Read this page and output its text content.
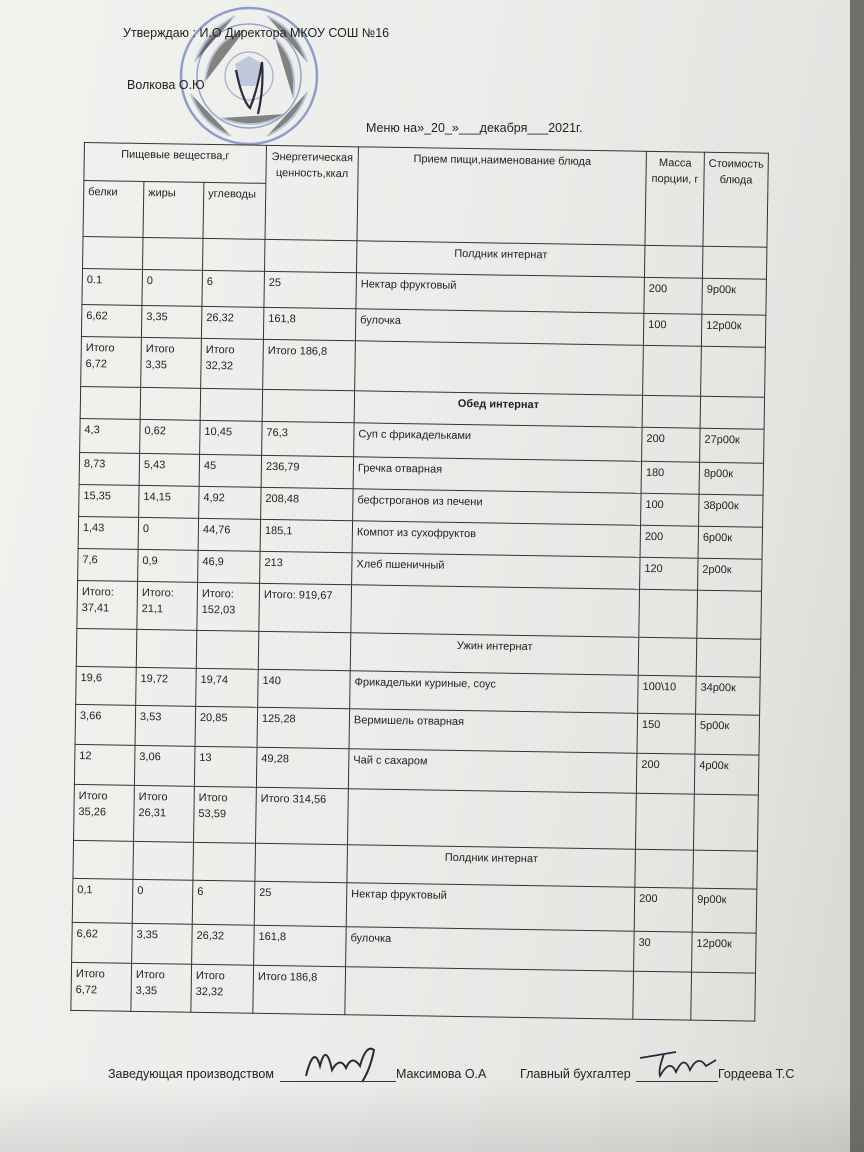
Утверждаю : И.О Директора МКОУ СОШ №16
Волкова О.Ю
Меню на»_20_»___декабря___2021г.
Пищевые вещества,г			Энергетическая ценность,ккал	Прием пищи,наименование блюда	Масса порции, г	Стоимость блюда
белки	жиры	углеводы				
				Полдник интернат		
0.1	0	6	25	Нектар фруктовый	200	9р00к
6,62	3,35	26,32	161,8	булочка	100	12р00к
Итого 6,72	Итого 3,35	Итого 32,32	Итого 186,8			
				Обед интернат		
4,3	0,62	10,45	76,3	Суп с фрикадельками	200	27р00к
8,73	5,43	45	236,79	Гречка отварная	180	8р00к
15,35	14,15	4,92	208,48	бефстроганов из печени	100	38р00к
1,43	0	44,76	185,1	Компот из сухофруктов	200	6р00к
7,6	0,9	46,9	213	Хлеб пшеничный	120	2р00к
Итого: 37,41	Итого: 21,1	Итого: 152,03	Итого: 919,67			
				Ужин интернат		
19,6	19,72	19,74	140	Фрикадельки куриные, соус	100\10	34р00к
3,66	3,53	20,85	125,28	Вермишель отварная	150	5р00к
12	3,06	13	49,28	Чай с сахаром	200	4р00к
Итого 35,26	Итого 26,31	Итого 53,59	Итого 314,56			
				Полдник интернат		
0,1	0	6	25	Нектар фруктовый	200	9р00к
6,62	3,35	26,32	161,8	булочка	30	12р00к
Итого 6,72	Итого 3,35	Итого 32,32	Итого 186,8			
Заведующая производством	Максимова О.А	Главный бухгалтер	Гордеева Т.С
